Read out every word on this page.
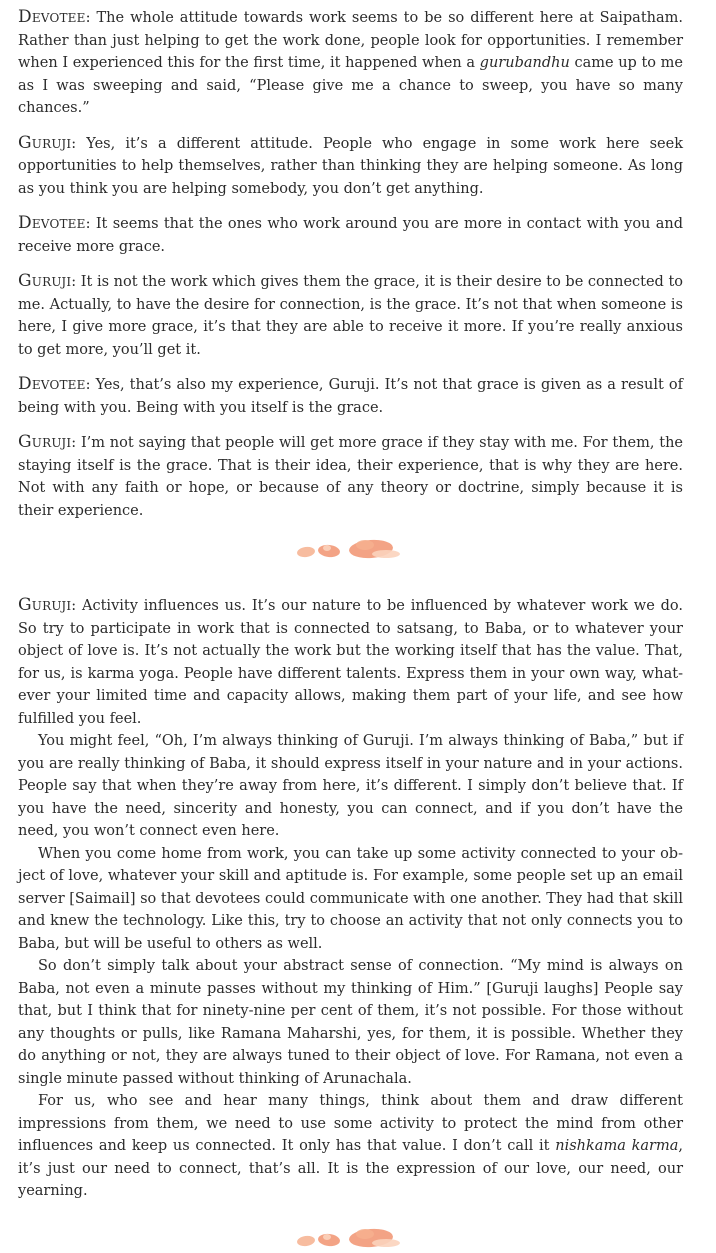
Devotee: The whole attitude towards work seems to be so different here at Saipatham. Rather than just helping to get the work done, people look for opportunities. I remember when I experienced this for the first time, it happened when a gurubandhu came up to me as I was sweeping and said, “Please give me a chance to sweep, you have so many chances.”

Guruji: Yes, it’s a different attitude. People who engage in some work here seek opportunities to help themselves, rather than thinking they are helping someone. As long as you think you are helping somebody, you don’t get anything.

Devotee: It seems that the ones who work around you are more in contact with you and receive more grace.

Guruji: It is not the work which gives them the grace, it is their desire to be connected to me. Actually, to have the desire for connection, is the grace. It’s not that when someone is here, I give more grace, it’s that they are able to receive it more. If you’re really anxious to get more, you’ll get it.

Devotee: Yes, that’s also my experience, Guruji. It’s not that grace is given as a result of being with you. Being with you itself is the grace.

Guruji: I’m not saying that people will get more grace if they stay with me. For them, the staying itself is the grace. That is their idea, their experience, that is why they are here. Not with any faith or hope, or because of any theory or doctrine, simply because it is their experience.

Guruji: Activity influences us. It’s our nature to be influenced by whatever work we do. So try to participate in work that is connected to satsang, to Baba, or to whatever your object of love is. It’s not actually the work but the working itself that has the value. That, for us, is karma yoga. People have different talents. Express them in your own way, whatever your limited time and capacity allows, making them part of your life, and see how fulfilled you feel.

You might feel, “Oh, I’m always thinking of Guruji. I’m always thinking of Baba,” but if you are really thinking of Baba, it should express itself in your nature and in your actions. People say that when they’re away from here, it’s different. I simply don’t believe that. If you have the need, sincerity and honesty, you can connect, and if you don’t have the need, you won’t connect even here.

When you come home from work, you can take up some activity connected to your object of love, whatever your skill and aptitude is. For example, some people set up an email server [Saimail] so that devotees could communicate with one another. They had that skill and knew the technology. Like this, try to choose an activity that not only connects you to Baba, but will be useful to others as well.

So don’t simply talk about your abstract sense of connection. “My mind is always on Baba, not even a minute passes without my thinking of Him.” [Guruji laughs] People say that, but I think that for ninety-nine per cent of them, it’s not possible. For those without any thoughts or pulls, like Ramana Maharshi, yes, for them, it is possible. Whether they do anything or not, they are always tuned to their object of love. For Ramana, not even a single minute passed without thinking of Arunachala.

For us, who see and hear many things, think about them and draw different impressions from them, we need to use some activity to protect the mind from other influences and keep us connected. It only has that value. I don’t call it nishkama karma, it’s just our need to connect, that’s all. It is the expression of our love, our need, our yearning.
